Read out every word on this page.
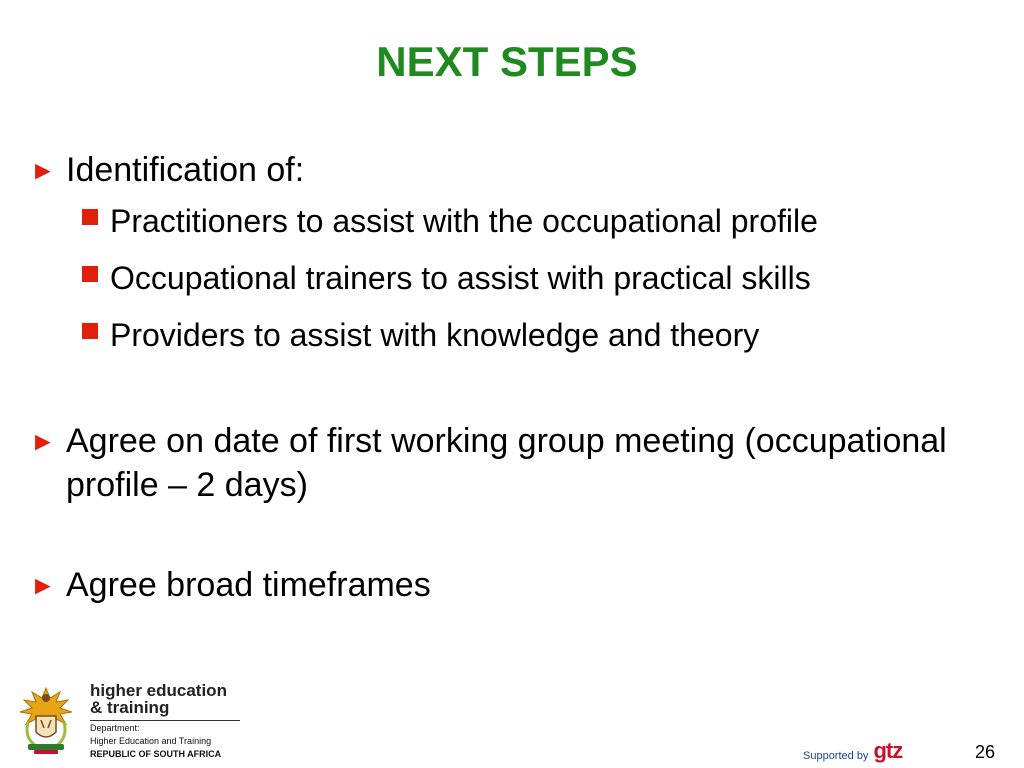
NEXT STEPS
► Identification of:
Practitioners to assist with the occupational profile
Occupational trainers to assist with practical skills
Providers to assist with knowledge and theory
► Agree on date of first working group meeting (occupational profile – 2 days)
► Agree broad timeframes
higher education
& training
Department:
Higher Education and Training
REPUBLIC OF SOUTH AFRICA	Supported by gtz	26
